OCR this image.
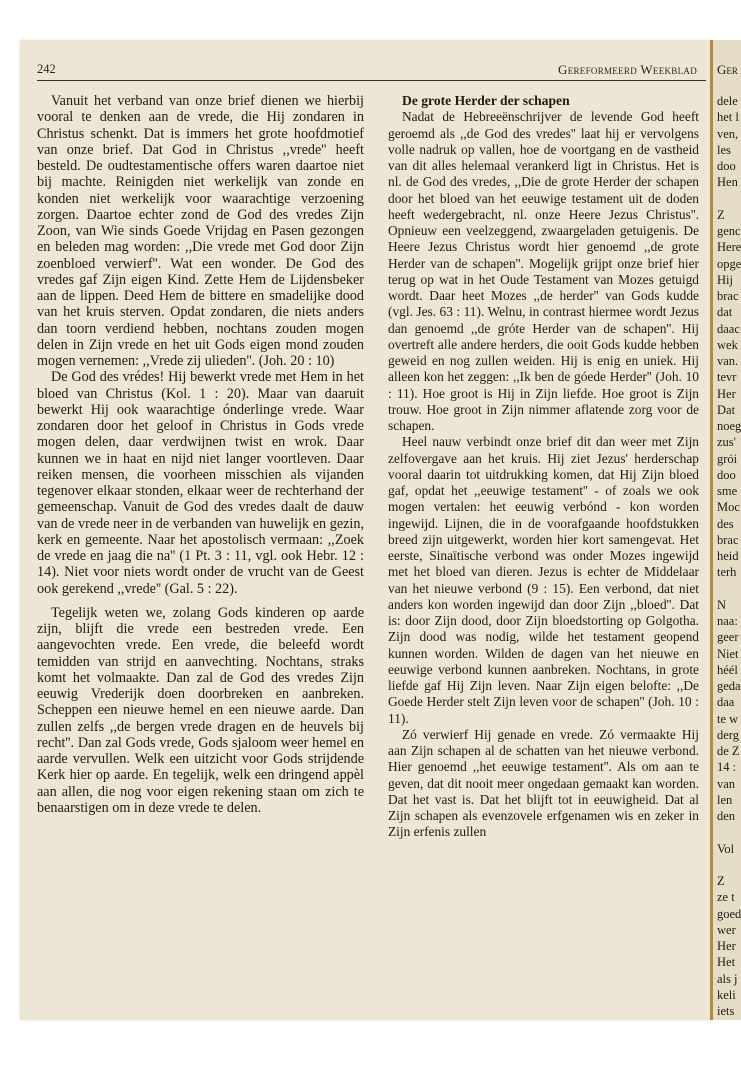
242	Gereformeerd Weekblad

Vanuit het verband van onze brief dienen we hierbij vooral te denken aan de vrede, die Hij zondaren in Christus schenkt. Dat is immers het grote hoofdmotief van onze brief. Dat God in Christus ,,vrede'' heeft besteld. De oudtestamentische offers waren daartoe niet bij machte. Reinigden niet werkelijk van zonde en konden niet werkelijk voor waarachtige verzoening zorgen. Daartoe echter zond de God des vredes Zijn Zoon, van Wie sinds Goede Vrijdag en Pasen gezongen en beleden mag worden: ,,Die vrede met God door Zijn zoenbloed verwierf''. Wat een wonder. De God des vredes gaf Zijn eigen Kind. Zette Hem de Lijdensbeker aan de lippen. Deed Hem de bittere en smadelijke dood van het kruis sterven. Opdat zondaren, die niets anders dan toorn verdiend hebben, nochtans zouden mogen delen in Zijn vrede en het uit Gods eigen mond zouden mogen vernemen: ,,Vrede zij ulieden''. (Joh. 20 : 10)

De God des vrédes! Hij bewerkt vrede met Hem in het bloed van Christus (Kol. 1 : 20). Maar van daaruit bewerkt Hij ook waarachtige ónderlinge vrede. Waar zondaren door het geloof in Christus in Gods vrede mogen delen, daar verdwijnen twist en wrok. Daar kunnen we in haat en nijd niet langer voortleven. Daar reiken mensen, die voorheen misschien als vijanden tegenover elkaar stonden, elkaar weer de rechterhand der gemeenschap. Vanuit de God des vredes daalt de dauw van de vrede neer in de verbanden van huwelijk en gezin, kerk en gemeente. Naar het apostolisch vermaan: ,,Zoek de vrede en jaag die na'' (1 Pt. 3 : 11, vgl. ook Hebr. 12 : 14). Niet voor niets wordt onder de vrucht van de Geest ook gerekend ,,vrede'' (Gal. 5 : 22).

Tegelijk weten we, zolang Gods kinderen op aarde zijn, blijft die vrede een bestreden vrede. Een aangevochten vrede. Een vrede, die beleefd wordt temidden van strijd en aanvechting. Nochtans, straks komt het volmaakte. Dan zal de God des vredes Zijn eeuwig Vrederijk doen doorbreken en aanbreken. Scheppen een nieuwe hemel en een nieuwe aarde. Dan zullen zelfs ,,de bergen vrede dragen en de heuvels bij recht''. Dan zal Gods vrede, Gods sjaloom weer hemel en aarde vervullen. Welk een uitzicht voor Gods strijdende Kerk hier op aarde. En tegelijk, welk een dringend appèl aan allen, die nog voor eigen rekening staan om zich te benaarstigen om in deze vrede te delen.

De grote Herder der schapen

Nadat de Hebreeënschrijver de levende God heeft geroemd als ,,de God des vredes'' laat hij er vervolgens volle nadruk op vallen, hoe de voortgang en de vastheid van dit alles helemaal verankerd ligt in Christus. Het is nl. de God des vredes, ,,Die de grote Herder der schapen door het bloed van het eeuwige testament uit de doden heeft wedergebracht, nl. onze Heere Jezus Christus''. Opnieuw een veelzeggend, zwaargeladen getuigenis. De Heere Jezus Christus wordt hier genoemd ,,de grote Herder van de schapen''. Mogelijk grijpt onze brief hier terug op wat in het Oude Testament van Mozes getuigd wordt. Daar heet Mozes ,,de herder'' van Gods kudde (vgl. Jes. 63 : 11). Welnu, in contrast hiermee wordt Jezus dan genoemd ,,de gróte Herder van de schapen''. Hij overtreft alle andere herders, die ooit Gods kudde hebben geweid en nog zullen weiden. Hij is enig en uniek. Hij alleen kon het zeggen: ,,Ik ben de góede Herder'' (Joh. 10 : 11). Hoe groot is Hij in Zijn liefde. Hoe groot is Zijn trouw. Hoe groot in Zijn nimmer aflatende zorg voor de schapen.

Heel nauw verbindt onze brief dit dan weer met Zijn zelfovergave aan het kruis. Hij ziet Jezus' herderschap vooral daarin tot uitdrukking komen, dat Hij Zijn bloed gaf, opdat het ,,eeuwige testament'' - of zoals we ook mogen vertalen: het eeuwig verbónd - kon worden ingewijd. Lijnen, die in de voorafgaande hoofdstukken breed zijn uitgewerkt, worden hier kort samengevat. Het eerste, Sinaïtische verbond was onder Mozes ingewijd met het bloed van dieren. Jezus is echter de Middelaar van het nieuwe verbond (9 : 15). Een verbond, dat niet anders kon worden ingewijd dan door Zijn ,,bloed''. Dat is: door Zijn dood, door Zijn bloedstorting op Golgotha. Zijn dood was nodig, wilde het testament geopend kunnen worden. Wilden de dagen van het nieuwe en eeuwige verbond kunnen aanbreken. Nochtans, in grote liefde gaf Hij Zijn leven. Naar Zijn eigen belofte: ,,De Goede Herder stelt Zijn leven voor de schapen'' (Joh. 10 : 11).

Zó verwierf Hij genade en vrede. Zó vermaakte Hij aan Zijn schapen al de schatten van het nieuwe verbond. Hier genoemd ,,het eeuwige testament''. Als om aan te geven, dat dit nooit meer ongedaan gemaakt kan worden. Dat het vast is. Dat het blijft tot in eeuwigheid. Dat al Zijn schapen als evenzovele erfgenamen wis en zeker in Zijn erfenis zullen

Ger
dele
het l
ven,
les
doo
Hen
Z
genc
Here
opge
Hij
brac
dat
daac
wek
van.
tevr
Her
Dat
noeg
zus'
grói
doo
sme
Moc
des
brac
heid
terh
N
naa:
geer
Niet
héél
geda
daa
te w
derg
de Z
14 :
van
len
den
Vol
Z
ze t
goed
wer
Her
Het
als j
keli
iets
